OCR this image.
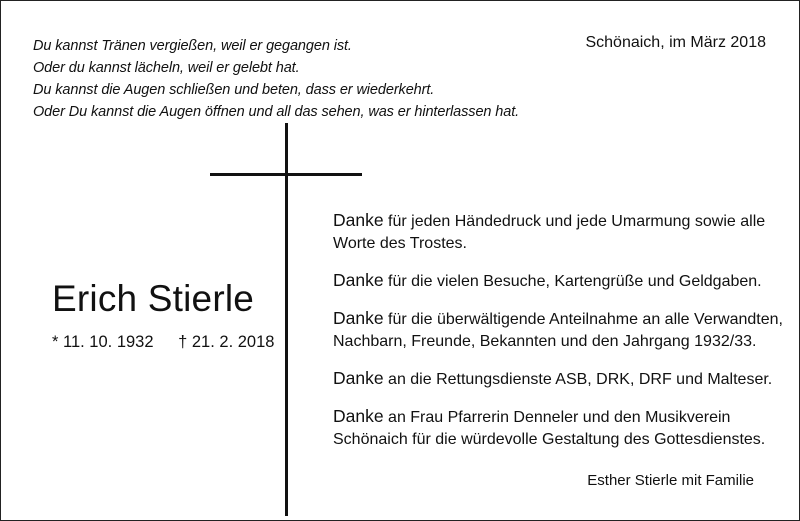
Du kannst Tränen vergießen, weil er gegangen ist.
Oder du kannst lächeln, weil er gelebt hat.
Du kannst die Augen schließen und beten, dass er wiederkehrt.
Oder Du kannst die Augen öffnen und all das sehen, was er hinterlassen hat.
Schönaich, im März 2018
Erich Stierle
* 11. 10. 1932 † 21. 2. 2018

Danke für jeden Händedruck und jede Umarmung sowie alle Worte des Trostes.

Danke für die vielen Besuche, Kartengrüße und Geldgaben.

Danke für die überwältigende Anteilnahme an alle Verwandten, Nachbarn, Freunde, Bekannten und den Jahrgang 1932/33.

Danke an die Rettungsdienste ASB, DRK, DRF und Malteser.

Danke an Frau Pfarrerin Denneler und den Musikverein Schönaich für die würdevolle Gestaltung des Gottesdienstes.

Esther Stierle mit Familie
